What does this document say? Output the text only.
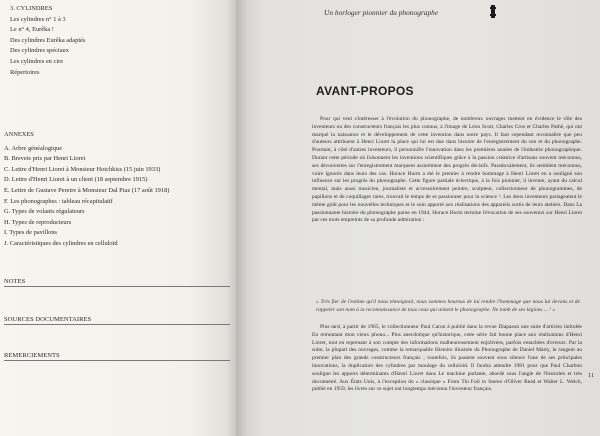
3. CYLINDRES
Les cylindres n° 1 à 3
Le n° 4, Eurêka !
Des cylindres Eurêka adaptés
Des cylindres spéciaux
Les cylindres en cire
Répertoires
ANNEXES
A. Arbre généalogique
B. Brevets pris par Henri Lioret
C. Lettre d'Henri Lioret à Monsieur Hotchkiss (15 juin 1933)
D. Lettre d'Henri Lioret à un client (18 septembre 1915)
E. Lettre de Gustave Pereire à Monsieur Dal Piaz (17 août 1918)
F. Les phonographes : tableau récapitulatif
G. Types de volants régulateurs
H. Types de reproducteurs
I. Types de pavillons
J. Caractéristiques des cylindres en celluloïd
NOTES
SOURCES DOCUMENTAIRES
REMERCIEMENTS
Un horloger pionnier du phonographe
AVANT-PROPOS

Pour qui veut s'intéresser à l'évolution du phonographe, de nombreux ouvrages mettent en évidence le rôle des inventeurs ou des constructeurs français les plus connus, à l'image de Léon Scott, Charles Cros et Charles Pathé, qui ont marqué la naissance et le développement de cette invention dans notre pays. Il faut cependant reconnaître que peu d'auteurs attribuent à Henri Lioret la place qui lui est due dans histoire de l'enregistrement du son et du phonographe. Pourtant, à côté d'autres inventeurs, il personnifie l'innovation dans les premières années de l'industrie phonographique. Durant cette période où foisonnent les inventions scientifiques grâce à la passion créatrice d'artisans souvent méconnus, ses découvertes sur l'enregistrement marquent assurément des progrès décisifs. Paradoxalement, ils semblent méconnus, voire ignorés dans leurs des cas. Horace Hurm a été le premier à rendre hommage à Henri Lioret en a souligné son influence sur les progrès du phonographe. Cette figure partiale éclectique, à la fois pionnier, il invente, ayant du calcul mental, mais aussi musicien, journaliste et accessoirement peintre, sculpteur, collectionneur de phonogrammes, de papillons et de coquillages rares, trouvait le temps de se passionner pour la science ¹. Les deux inventeurs partageaient le même goût pour les nouvelles techniques et le soin apporté aux réalisations des appareils sortis de leurs ateliers. Dans La passionnante histoire du phonographe parue en 1944, Horace Hurm termine l'évocation de ses souvenirs sur Henri Lioret par ces mots empreints de sa profonde admiration :

« Très fier de l'estime qu'il nous témoignait, nous sommes heureux de lui rendre l'hommage que nous lui devons et de rappeler son nom à la reconnaissance de tous ceux qui aiment le phonographe. Ne tomb de ses légions ... ² »

Plus tard, à partir de 1965, le collectionneur Paul Caron à publié dans la revue Diapason une suite d'articles intitulée En remontant mon vieux phono... Plus anecdotique qu'historique, cette série fait bonne place aux réalisations d'Henri Lioret, tout en reprenant à son compte des informations malheureusement enjolivées, parfois entachées d'erreurs. Par la suite, la plupart des ouvrages, comme la remarquable Histoire illustrée du Phonographe de Daniel Marty, le rangent au premier plan des grands constructeurs français ; toutefois, ils passent souvent sous silence l'une de ses principales innovations, la duplication des cylindres par moulage du celluloïd. Il faudra attendre 1981 pour que Paul Charbon souligne les apports déterminants d'Henri Lioret dans Le machine parlante, abordé sous l'angle de l'historien et très documenté. Aux États Unis, à l'exception du « classique » From Tin Foil to Stereo d'Oliver Read et Walter L. Welch, publié en 1959, les livres sur ce sujet ont longtemps méconnu l'inventeur français.

11
